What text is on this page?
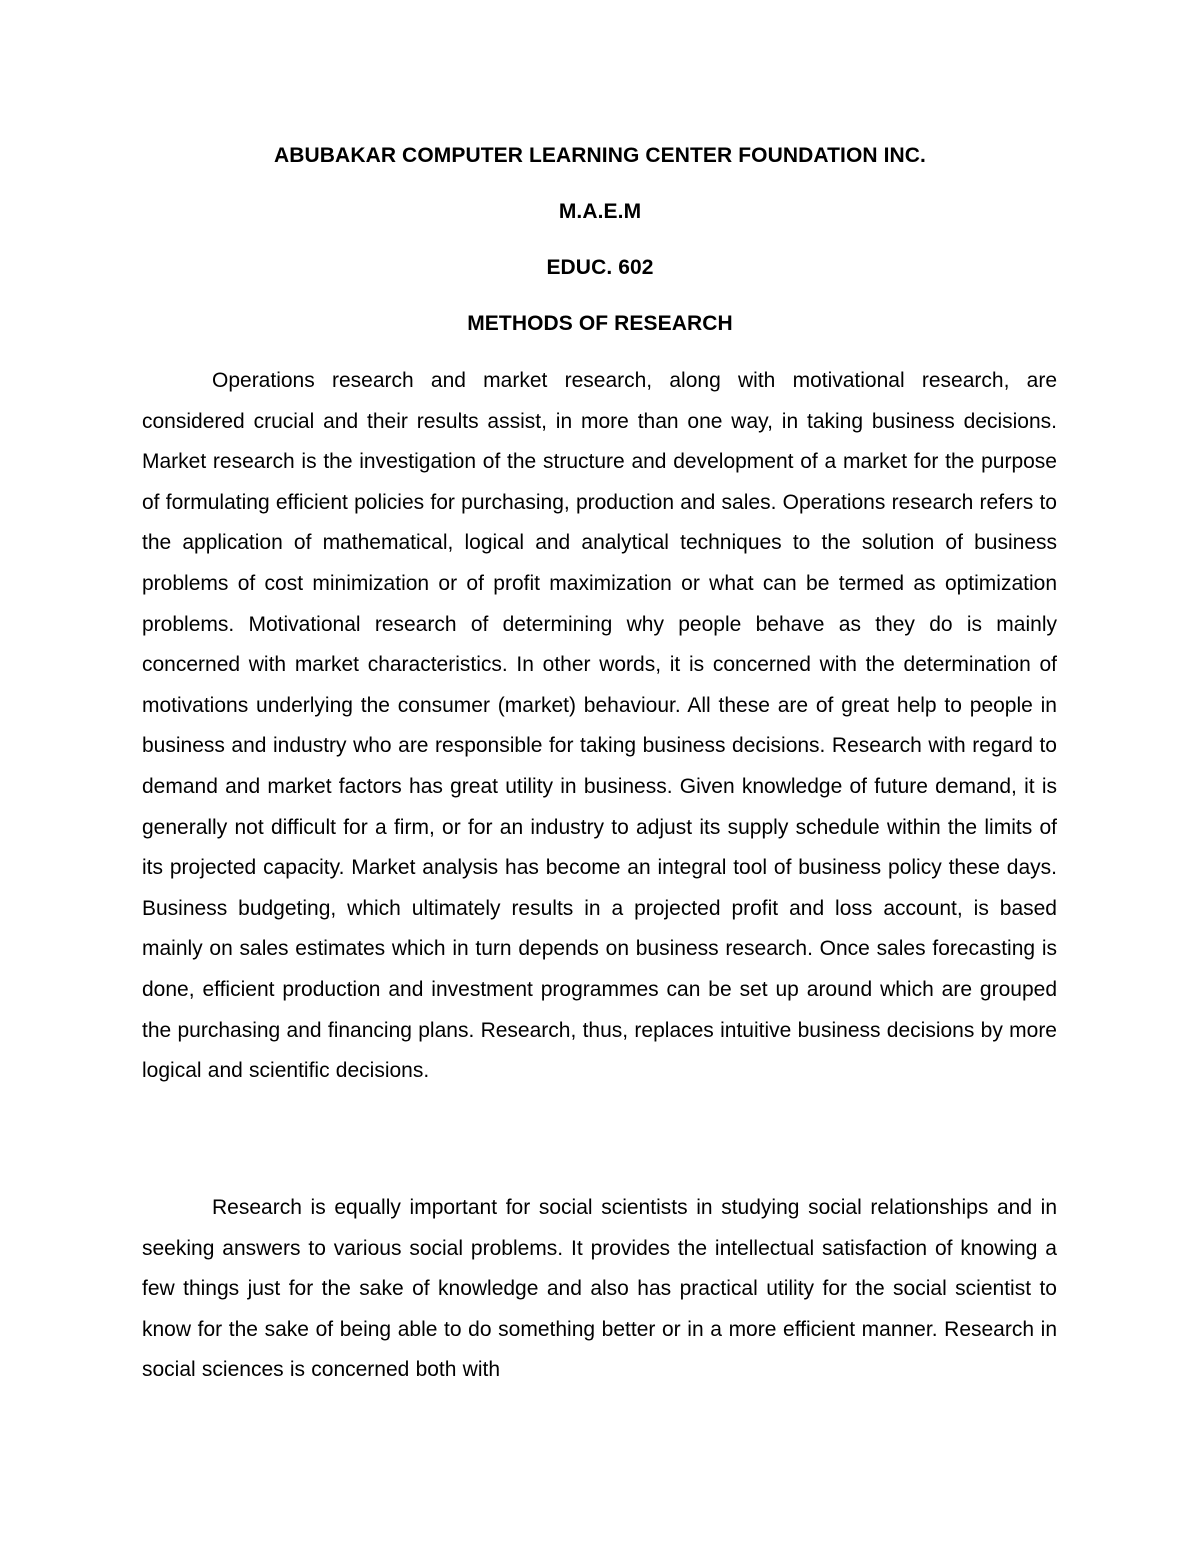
ABUBAKAR COMPUTER LEARNING CENTER FOUNDATION INC.
M.A.E.M
EDUC. 602
METHODS OF RESEARCH

Operations research and market research, along with motivational research, are considered crucial and their results assist, in more than one way, in taking business decisions. Market research is the investigation of the structure and development of a market for the purpose of formulating efficient policies for purchasing, production and sales. Operations research refers to the application of mathematical, logical and analytical techniques to the solution of business problems of cost minimization or of profit maximization or what can be termed as optimization problems. Motivational research of determining why people behave as they do is mainly concerned with market characteristics. In other words, it is concerned with the determination of motivations underlying the consumer (market) behaviour. All these are of great help to people in business and industry who are responsible for taking business decisions. Research with regard to demand and market factors has great utility in business. Given knowledge of future demand, it is generally not difficult for a firm, or for an industry to adjust its supply schedule within the limits of its projected capacity. Market analysis has become an integral tool of business policy these days. Business budgeting, which ultimately results in a projected profit and loss account, is based mainly on sales estimates which in turn depends on business research. Once sales forecasting is done, efficient production and investment programmes can be set up around which are grouped the purchasing and financing plans. Research, thus, replaces intuitive business decisions by more logical and scientific decisions.

Research is equally important for social scientists in studying social relationships and in seeking answers to various social problems. It provides the intellectual satisfaction of knowing a few things just for the sake of knowledge and also has practical utility for the social scientist to know for the sake of being able to do something better or in a more efficient manner. Research in social sciences is concerned both with
